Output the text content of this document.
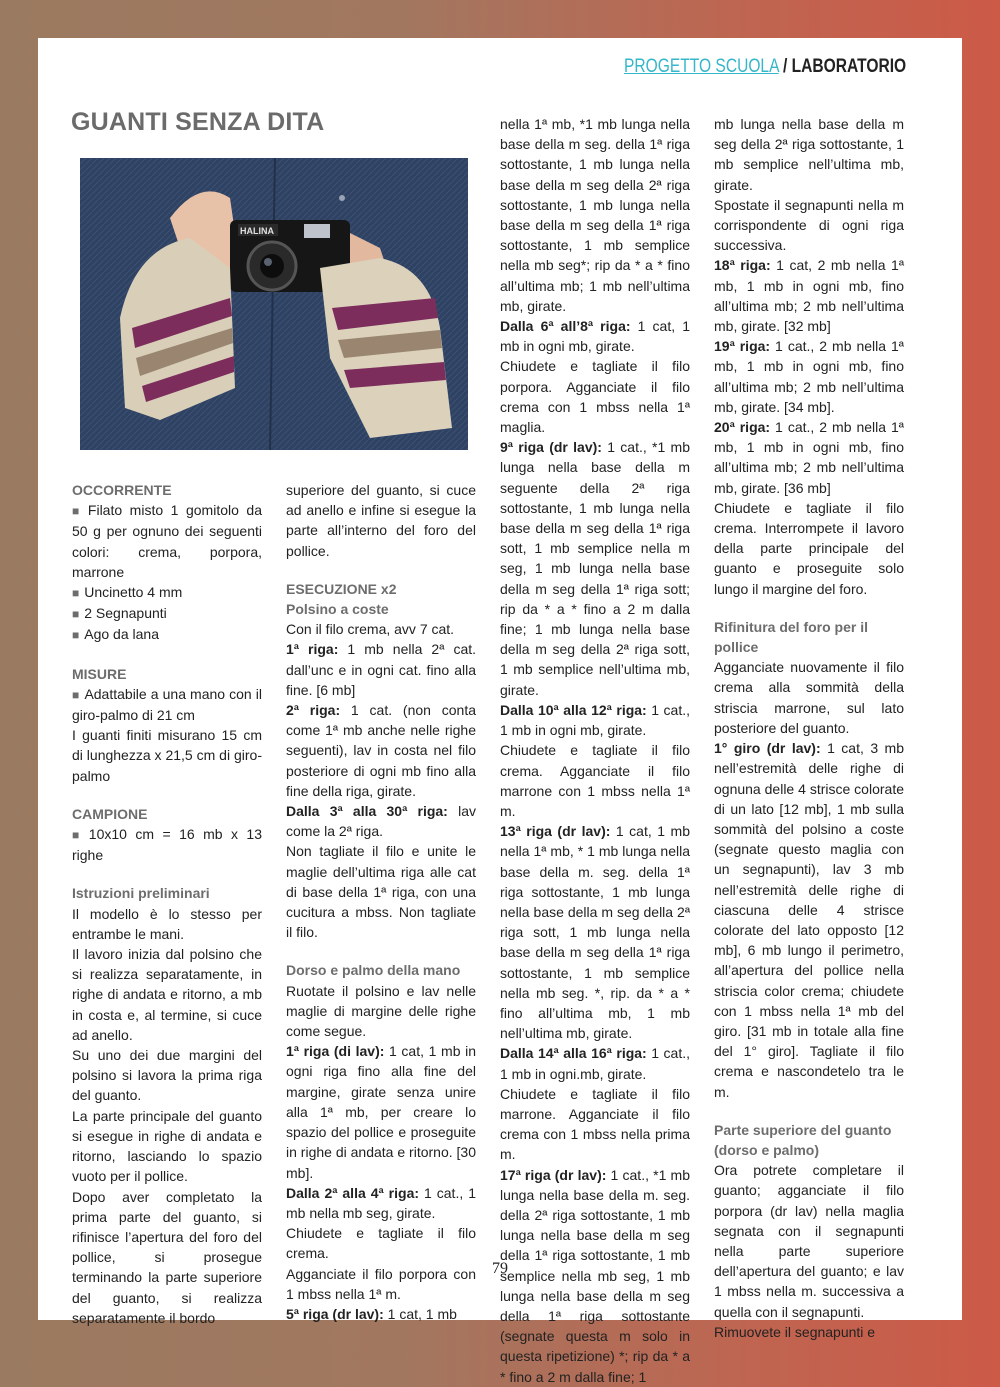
PROGETTO SCUOLA / LABORATORIO
GUANTI SENZA DITA
HALINA
OCCORRENTE

■ Filato misto 1 gomitolo da 50 g per ognuno dei seguenti colori: crema, porpora, marrone

■ Uncinetto 4 mm

■ 2 Segnapunti

■ Ago da lana

MISURE

■ Adattabile a una mano con il giro-palmo di 21 cm

I guanti finiti misurano 15 cm di lunghezza x 21,5 cm di giro-palmo

CAMPIONE

■ 10x10 cm = 16 mb x 13 righe

Istruzioni preliminari

Il modello è lo stesso per entrambe le mani.

Il lavoro inizia dal polsino che si realizza separatamente, in righe di andata e ritorno, a mb in costa e, al termine, si cuce ad anello.

Su uno dei due margini del polsino si lavora la prima riga del guanto.

La parte principale del guanto si esegue in righe di andata e ritorno, lasciando lo spazio vuoto per il pollice.

Dopo aver completato la prima parte del guanto, si rifinisce l’apertura del foro del pollice, si prosegue terminando la parte superiore del guanto, si realizza separatamente il bordo

superiore del guanto, si cuce ad anello e infine si esegue la parte all’interno del foro del pollice.

ESECUZIONE x2
Polsino a coste

Con il filo crema, avv 7 cat.

1ª riga: 1 mb nella 2ª cat. dall’unc e in ogni cat. fino alla fine. [6 mb]

2ª riga: 1 cat. (non conta come 1ª mb anche nelle righe seguenti), lav in costa nel filo posteriore di ogni mb fino alla fine della riga, girate.

Dalla 3ª alla 30ª riga: lav come la 2ª riga.

Non tagliate il filo e unite le maglie dell’ultima riga alle cat di base della 1ª riga, con una cucitura a mbss. Non tagliate il filo.

Dorso e palmo della mano

Ruotate il polsino e lav nelle maglie di margine delle righe come segue.

1ª riga (di lav): 1 cat, 1 mb in ogni riga fino alla fine del margine, girate senza unire alla 1ª mb, per creare lo spazio del pollice e proseguite in righe di andata e ritorno. [30 mb].

Dalla 2ª alla 4ª riga: 1 cat., 1 mb nella mb seg, girate.

Chiudete e tagliate il filo crema.

Agganciate il filo porpora con 1 mbss nella 1ª m.

5ª riga (dr lav): 1 cat, 1 mb

nella 1ª mb, *1 mb lunga nella base della m seg. della 1ª riga sottostante, 1 mb lunga nella base della m seg della 2ª riga sottostante, 1 mb lunga nella base della m seg della 1ª riga sottostante, 1 mb semplice nella mb seg*; rip da * a * fino all’ultima mb; 1 mb nell’ultima mb, girate.

Dalla 6ª all’8ª riga: 1 cat, 1 mb in ogni mb, girate.

Chiudete e tagliate il filo porpora. Agganciate il filo crema con 1 mbss nella 1ª maglia.

9ª riga (dr lav): 1 cat., *1 mb lunga nella base della m seguente della 2ª riga sottostante, 1 mb lunga nella base della m seg della 1ª riga sott, 1 mb semplice nella m seg, 1 mb lunga nella base della m seg della 1ª riga sott; rip da * a * fino a 2 m dalla fine; 1 mb lunga nella base della m seg della 2ª riga sott, 1 mb semplice nell’ultima mb, girate.

Dalla 10ª alla 12ª riga: 1 cat., 1 mb in ogni mb, girate.

Chiudete e tagliate il filo crema. Agganciate il filo marrone con 1 mbss nella 1ª m.

13ª riga (dr lav): 1 cat, 1 mb nella 1ª mb, * 1 mb lunga nella base della m. seg. della 1ª riga sottostante, 1 mb lunga nella base della m seg della 2ª riga sott, 1 mb lunga nella base della m seg della 1ª riga sottostante, 1 mb semplice nella mb seg. *, rip. da * a * fino all’ultima mb, 1 mb nell’ultima mb, girate.

Dalla 14ª alla 16ª riga: 1 cat., 1 mb in ogni.mb, girate.

Chiudete e tagliate il filo marrone. Agganciate il filo crema con 1 mbss nella prima m.

17ª riga (dr lav): 1 cat., *1 mb lunga nella base della m. seg. della 2ª riga sottostante, 1 mb lunga nella base della m seg della 1ª riga sottostante, 1 mb semplice nella mb seg, 1 mb lunga nella base della m seg della 1ª riga sottostante (segnate questa m solo in questa ripetizione) *; rip da * a * fino a 2 m dalla fine; 1

mb lunga nella base della m seg della 2ª riga sottostante, 1 mb semplice nell’ultima mb, girate.

Spostate il segnapunti nella m corrispondente di ogni riga successiva.

18ª riga: 1 cat, 2 mb nella 1ª mb, 1 mb in ogni mb, fino all’ultima mb; 2 mb nell’ultima mb, girate. [32 mb]

19ª riga: 1 cat., 2 mb nella 1ª mb, 1 mb in ogni mb, fino all’ultima mb; 2 mb nell’ultima mb, girate. [34 mb].

20ª riga: 1 cat., 2 mb nella 1ª mb, 1 mb in ogni mb, fino all’ultima mb; 2 mb nell’ultima mb, girate. [36 mb]

Chiudete e tagliate il filo crema. Interrompete il lavoro della parte principale del guanto e proseguite solo lungo il margine del foro.

Rifinitura del foro per il pollice

Agganciate nuovamente il filo crema alla sommità della striscia marrone, sul lato posteriore del guanto.

1° giro (dr lav): 1 cat, 3 mb nell’estremità delle righe di ognuna delle 4 strisce colorate di un lato [12 mb], 1 mb sulla sommità del polsino a coste (segnate questo maglia con un segnapunti), lav 3 mb nell’estremità delle righe di ciascuna delle 4 strisce colorate del lato opposto [12 mb], 6 mb lungo il perimetro, all’apertura del pollice nella striscia color crema; chiudete con 1 mbss nella 1ª mb del giro. [31 mb in totale alla fine del 1° giro]. Tagliate il filo crema e nascondetelo tra le m.

Parte superiore del guanto (dorso e palmo)

Ora potrete completare il guanto; agganciate il filo porpora (dr lav) nella maglia segnata con il segnapunti nella parte superiore dell’apertura del guanto; e lav 1 mbss nella m. successiva a quella con il segnapunti.

Rimuovete il segnapunti e

79
